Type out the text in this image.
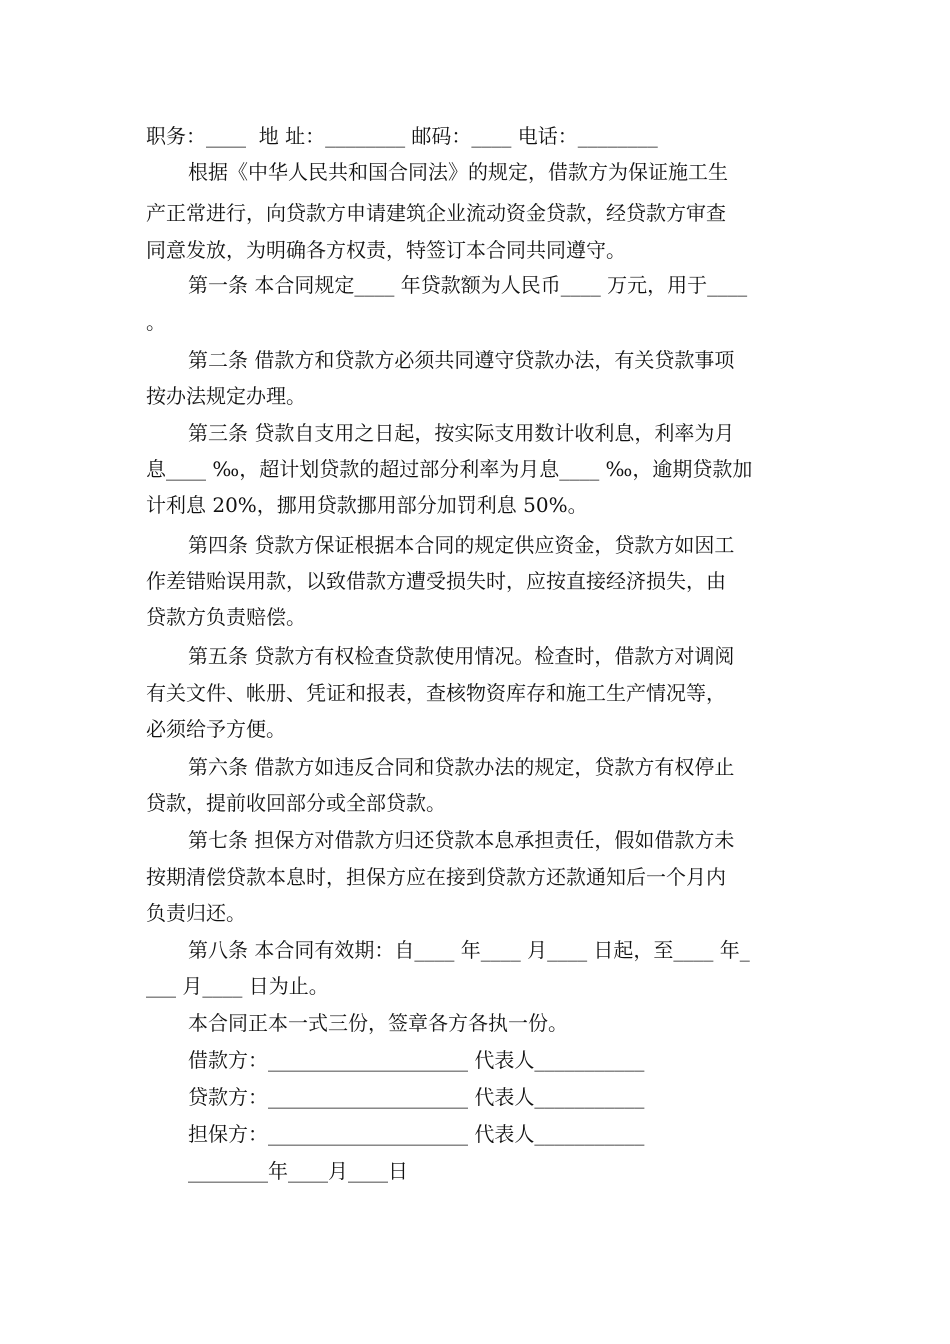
职务：____  地 址：________ 邮码：____ 电话：________
根据《中华人民共和国合同法》的规定，借款方为保证施工生
产正常进行，向贷款方申请建筑企业流动资金贷款，经贷款方审查
同意发放，为明确各方权责，特签订本合同共同遵守。
第一条 本合同规定____ 年贷款额为人民币____ 万元，用于____
。
第二条 借款方和贷款方必须共同遵守贷款办法，有关贷款事项
按办法规定办理。
第三条 贷款自支用之日起，按实际支用数计收利息，利率为月
息____ ‰，超计划贷款的超过部分利率为月息____ ‰，逾期贷款加
计利息 20%，挪用贷款挪用部分加罚利息 50%。
第四条 贷款方保证根据本合同的规定供应资金，贷款方如因工
作差错贻误用款，以致借款方遭受损失时，应按直接经济损失，由
贷款方负责赔偿。
第五条 贷款方有权检查贷款使用情况。检查时，借款方对调阅
有关文件、帐册、凭证和报表，查核物资库存和施工生产情况等，
必须给予方便。
第六条 借款方如违反合同和贷款办法的规定，贷款方有权停止
贷款，提前收回部分或全部贷款。
第七条 担保方对借款方归还贷款本息承担责任，假如借款方未
按期清偿贷款本息时，担保方应在接到贷款方还款通知后一个月内
负责归还。
第八条 本合同有效期：自____ 年____ 月____ 日起，至____ 年_
___ 月____ 日为止。
本合同正本一式三份，签章各方各执一份。
借款方：____________________ 代表人___________
贷款方：____________________ 代表人___________
担保方：____________________ 代表人___________
________年____月____日
